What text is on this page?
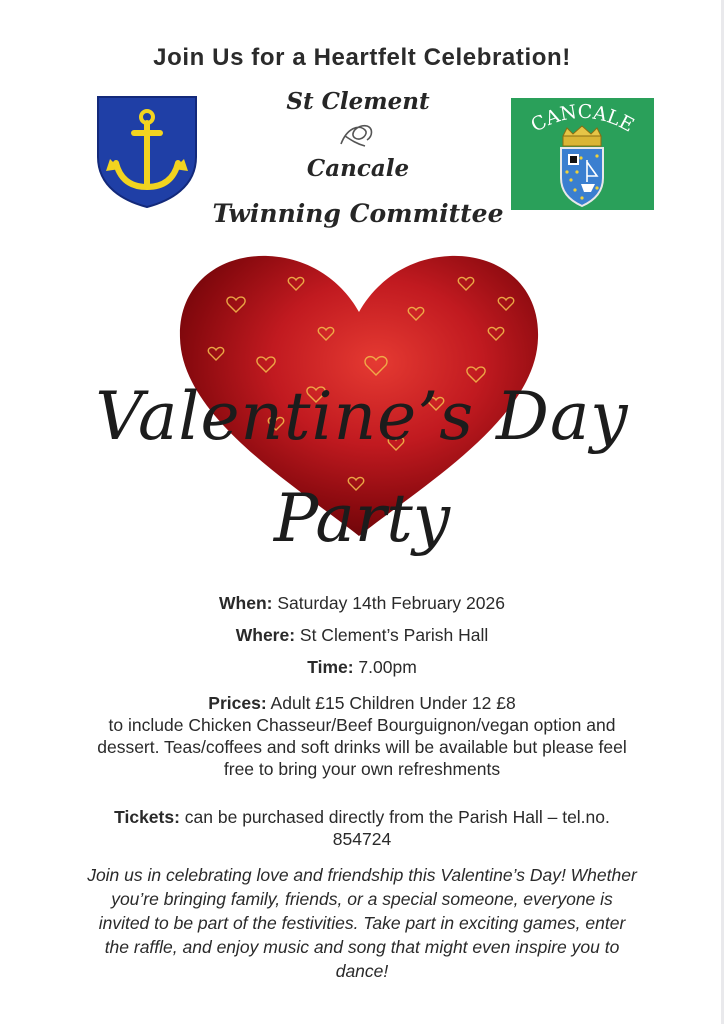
Join Us for a Heartfelt Celebration!
St Clement
Cancale
Twinning Committee
CANCALE
Valentine’s Day
Party
When: Saturday 14th February 2026
Where: St Clement’s Parish Hall
Time: 7.00pm
Prices: Adult £15 Children Under 12 £8
to include Chicken Chasseur/Beef Bourguignon/vegan option and
dessert. Teas/coffees and soft drinks will be available but please feel
free to bring your own refreshments
Tickets: can be purchased directly from the Parish Hall – tel.no.
854724
Join us in celebrating love and friendship this Valentine’s Day! Whether
you’re bringing family, friends, or a special someone, everyone is
invited to be part of the festivities. Take part in exciting games, enter
the raffle, and enjoy music and song that might even inspire you to
dance!
